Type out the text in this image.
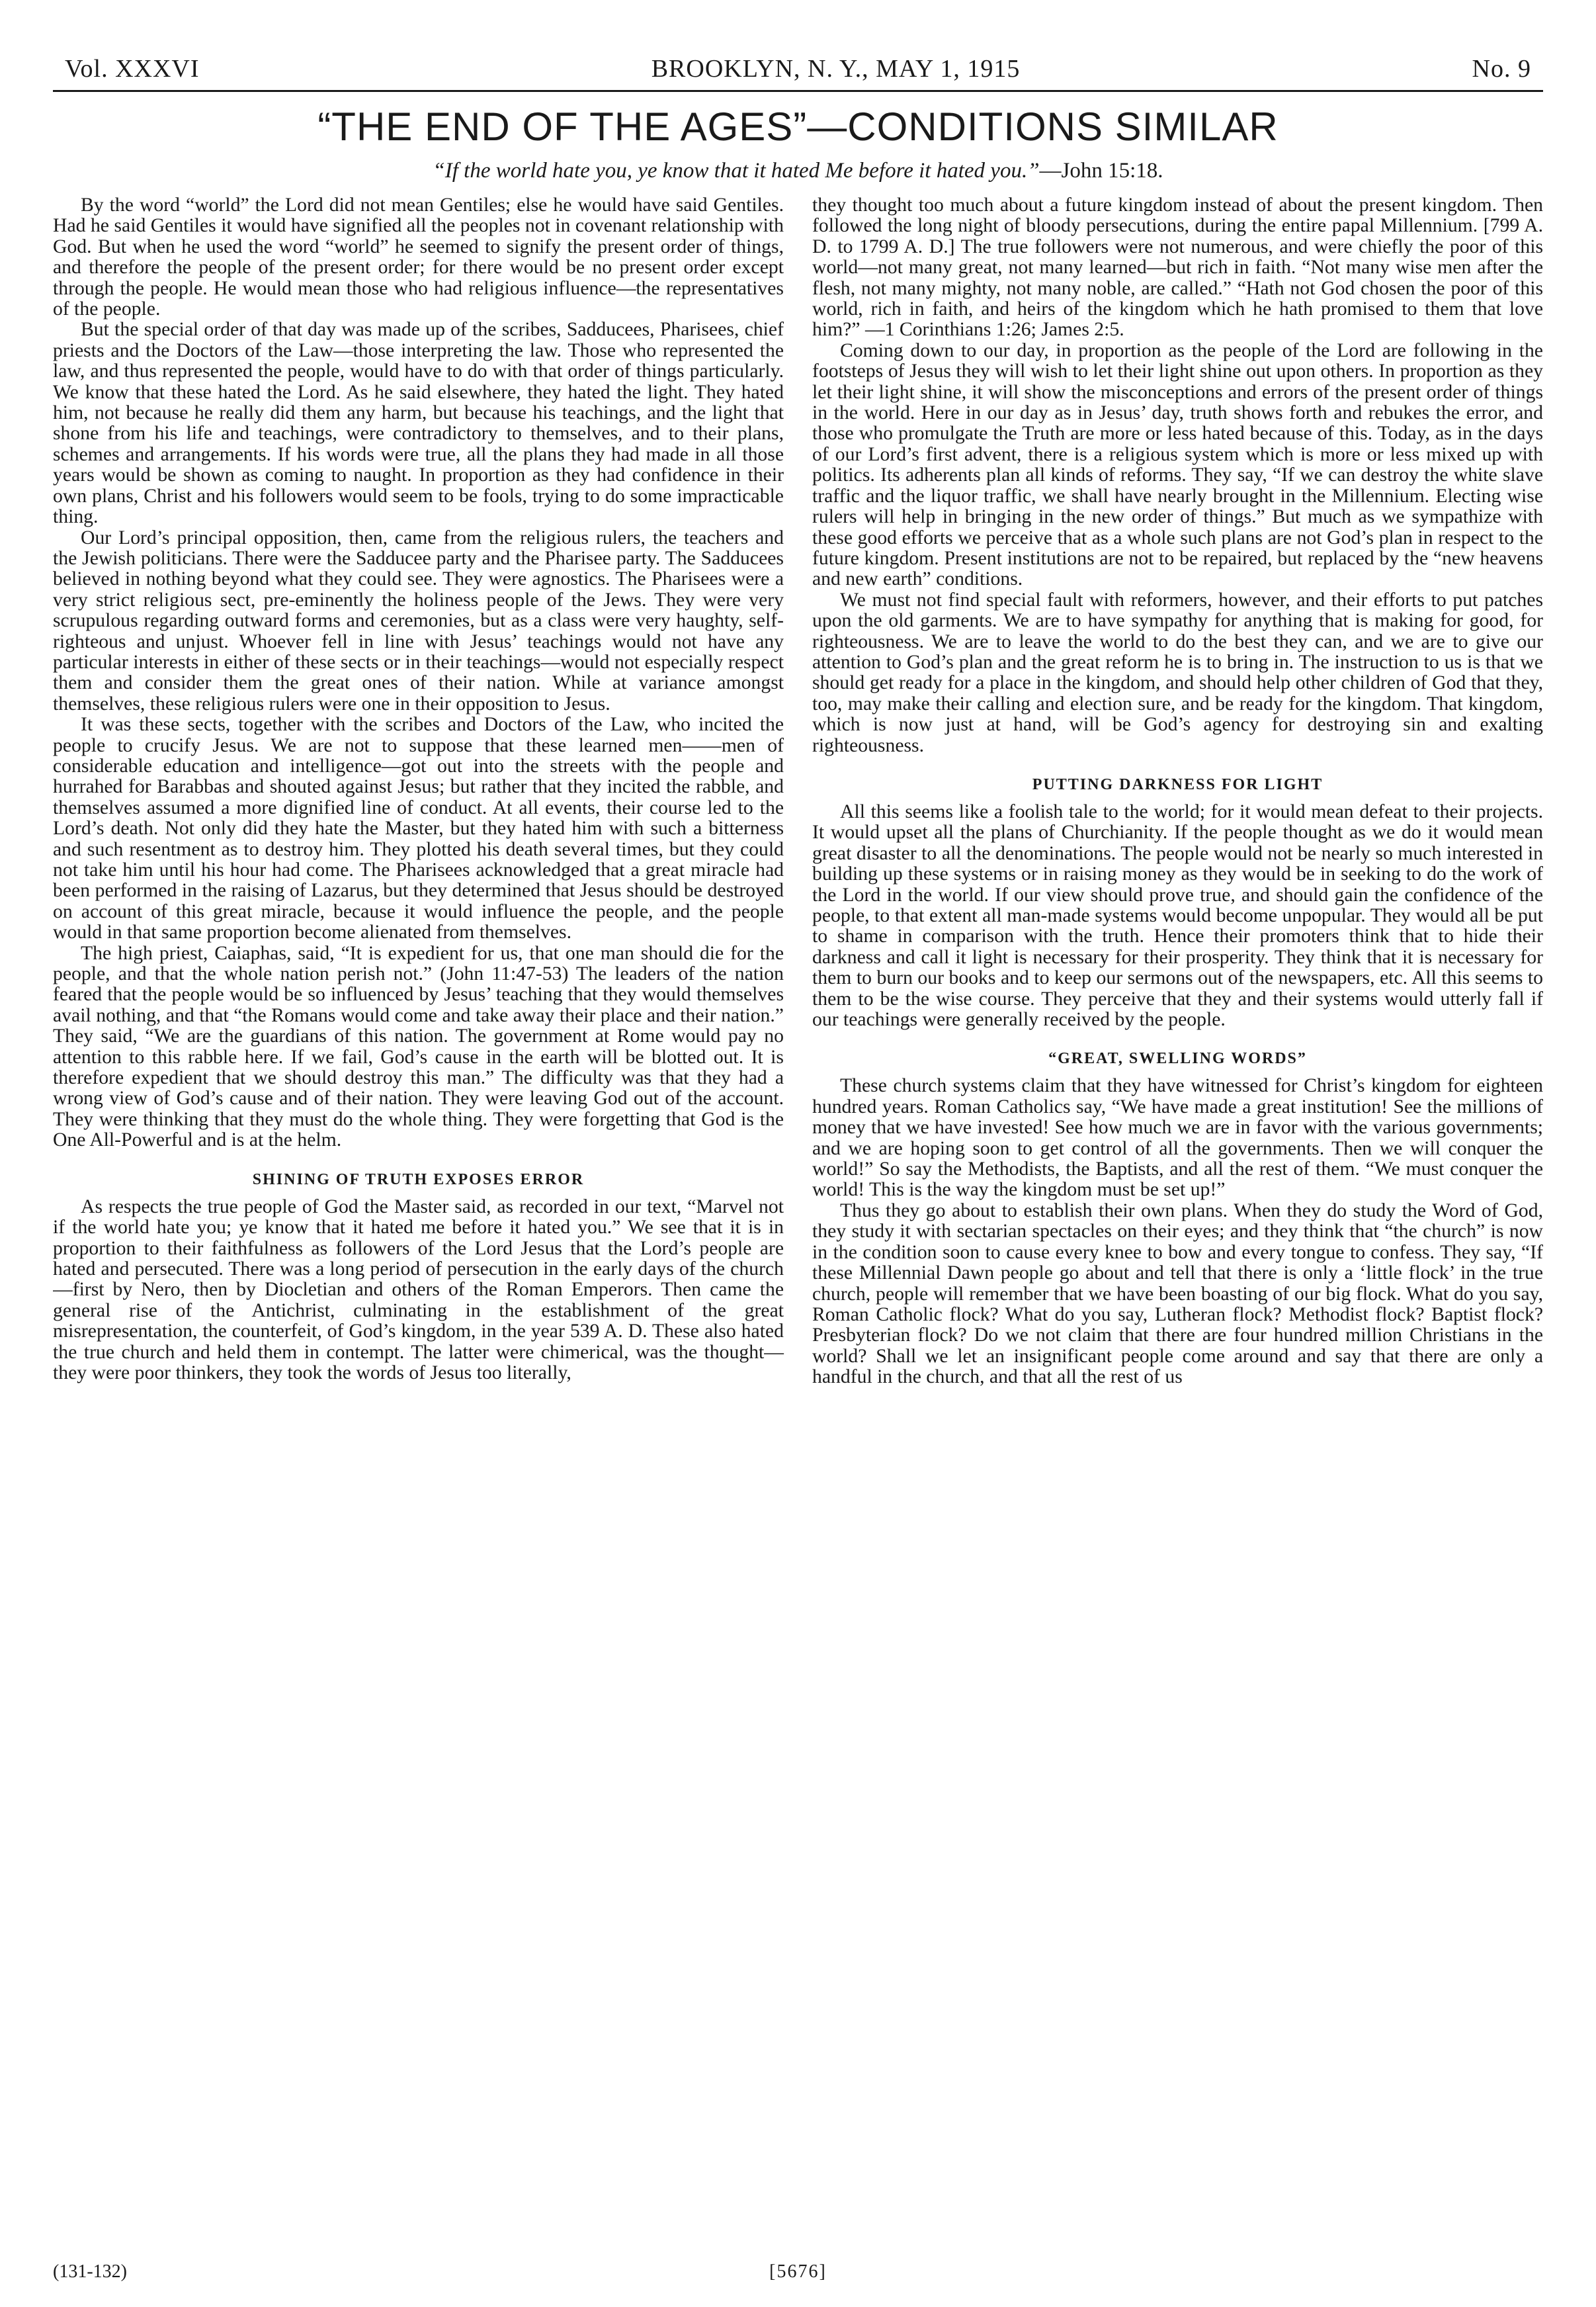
Vol. XXXVI	BROOKLYN, N. Y., MAY 1, 1915	No. 9
“THE END OF THE AGES”—CONDITIONS SIMILAR
“If the world hate you, ye know that it hated Me before it hated you.”—John 15:18.

By the word “world” the Lord did not mean Gentiles; else he would have said Gentiles. Had he said Gentiles it would have signified all the peoples not in covenant relationship with God. But when he used the word “world” he seemed to signify the present order of things, and therefore the people of the present order; for there would be no present order except through the people. He would mean those who had religious influence—the representatives of the people.

But the special order of that day was made up of the scribes, Sadducees, Pharisees, chief priests and the Doctors of the Law—those interpreting the law. Those who represented the law, and thus represented the people, would have to do with that order of things particularly. We know that these hated the Lord. As he said elsewhere, they hated the light. They hated him, not because he really did them any harm, but because his teachings, and the light that shone from his life and teachings, were contradictory to themselves, and to their plans, schemes and arrangements. If his words were true, all the plans they had made in all those years would be shown as coming to naught. In proportion as they had confidence in their own plans, Christ and his followers would seem to be fools, trying to do some impracticable thing.

Our Lord’s principal opposition, then, came from the religious rulers, the teachers and the Jewish politicians. There were the Sadducee party and the Pharisee party. The Sadducees believed in nothing beyond what they could see. They were agnostics. The Pharisees were a very strict religious sect, pre-eminently the holiness people of the Jews. They were very scrupulous regarding outward forms and ceremonies, but as a class were very haughty, self-righteous and unjust. Whoever fell in line with Jesus’ teachings would not have any particular interests in either of these sects or in their teachings—would not especially respect them and consider them the great ones of their nation. While at variance amongst themselves, these religious rulers were one in their opposition to Jesus.

It was these sects, together with the scribes and Doctors of the Law, who incited the people to crucify Jesus. We are not to suppose that these learned men——men of considerable education and intelligence—got out into the streets with the people and hurrahed for Barabbas and shouted against Jesus; but rather that they incited the rabble, and themselves assumed a more dignified line of conduct. At all events, their course led to the Lord’s death. Not only did they hate the Master, but they hated him with such a bitterness and such resentment as to destroy him. They plotted his death several times, but they could not take him until his hour had come. The Pharisees acknowledged that a great miracle had been performed in the raising of Lazarus, but they determined that Jesus should be destroyed on account of this great miracle, because it would influence the people, and the people would in that same proportion become alienated from themselves.

The high priest, Caiaphas, said, “It is expedient for us, that one man should die for the people, and that the whole nation perish not.” (John 11:47-53) The leaders of the nation feared that the people would be so influenced by Jesus’ teaching that they would themselves avail nothing, and that “the Romans would come and take away their place and their nation.” They said, “We are the guardians of this nation. The government at Rome would pay no attention to this rabble here. If we fail, God’s cause in the earth will be blotted out. It is therefore expedient that we should destroy this man.” The difficulty was that they had a wrong view of God’s cause and of their nation. They were leaving God out of the account. They were thinking that they must do the whole thing. They were forgetting that God is the One All-Powerful and is at the helm.

SHINING OF TRUTH EXPOSES ERROR

As respects the true people of God the Master said, as recorded in our text, “Marvel not if the world hate you; ye know that it hated me before it hated you.” We see that it is in proportion to their faithfulness as followers of the Lord Jesus that the Lord’s people are hated and persecuted. There was a long period of persecution in the early days of the church—first by Nero, then by Diocletian and others of the Roman Emperors. Then came the general rise of the Antichrist, culminating in the establishment of the great misrepresentation, the counterfeit, of God’s kingdom, in the year 539 A. D. These also hated the true church and held them in contempt. The latter were chimerical, was the thought—they were poor thinkers, they took the words of Jesus too literally,

they thought too much about a future kingdom instead of about the present kingdom. Then followed the long night of bloody persecutions, during the entire papal Millennium. [799 A. D. to 1799 A. D.] The true followers were not numerous, and were chiefly the poor of this world—not many great, not many learned—but rich in faith. “Not many wise men after the flesh, not many mighty, not many noble, are called.” “Hath not God chosen the poor of this world, rich in faith, and heirs of the kingdom which he hath promised to them that love him?” —1 Corinthians 1:26; James 2:5.

Coming down to our day, in proportion as the people of the Lord are following in the footsteps of Jesus they will wish to let their light shine out upon others. In proportion as they let their light shine, it will show the misconceptions and errors of the present order of things in the world. Here in our day as in Jesus’ day, truth shows forth and rebukes the error, and those who promulgate the Truth are more or less hated because of this. Today, as in the days of our Lord’s first advent, there is a religious system which is more or less mixed up with politics. Its adherents plan all kinds of reforms. They say, “If we can destroy the white slave traffic and the liquor traffic, we shall have nearly brought in the Millennium. Electing wise rulers will help in bringing in the new order of things.” But much as we sympathize with these good efforts we perceive that as a whole such plans are not God’s plan in respect to the future kingdom. Present institutions are not to be repaired, but replaced by the “new heavens and new earth” conditions.

We must not find special fault with reformers, however, and their efforts to put patches upon the old garments. We are to have sympathy for anything that is making for good, for righteousness. We are to leave the world to do the best they can, and we are to give our attention to God’s plan and the great reform he is to bring in. The instruction to us is that we should get ready for a place in the kingdom, and should help other children of God that they, too, may make their calling and election sure, and be ready for the kingdom. That kingdom, which is now just at hand, will be God’s agency for destroying sin and exalting righteousness.

PUTTING DARKNESS FOR LIGHT

All this seems like a foolish tale to the world; for it would mean defeat to their projects. It would upset all the plans of Churchianity. If the people thought as we do it would mean great disaster to all the denominations. The people would not be nearly so much interested in building up these systems or in raising money as they would be in seeking to do the work of the Lord in the world. If our view should prove true, and should gain the confidence of the people, to that extent all man-made systems would become unpopular. They would all be put to shame in comparison with the truth. Hence their promoters think that to hide their darkness and call it light is necessary for their prosperity. They think that it is necessary for them to burn our books and to keep our sermons out of the newspapers, etc. All this seems to them to be the wise course. They perceive that they and their systems would utterly fall if our teachings were generally received by the people.

“GREAT, SWELLING WORDS”

These church systems claim that they have witnessed for Christ’s kingdom for eighteen hundred years. Roman Catholics say, “We have made a great institution! See the millions of money that we have invested! See how much we are in favor with the various governments; and we are hoping soon to get control of all the governments. Then we will conquer the world!” So say the Methodists, the Baptists, and all the rest of them. “We must conquer the world! This is the way the kingdom must be set up!”

Thus they go about to establish their own plans. When they do study the Word of God, they study it with sectarian spectacles on their eyes; and they think that “the church” is now in the condition soon to cause every knee to bow and every tongue to confess. They say, “If these Millennial Dawn people go about and tell that there is only a ‘little flock’ in the true church, people will remember that we have been boasting of our big flock. What do you say, Roman Catholic flock? What do you say, Lutheran flock? Methodist flock? Baptist flock? Presbyterian flock? Do we not claim that there are four hundred million Christians in the world? Shall we let an insignificant people come around and say that there are only a handful in the church, and that all the rest of us

(131-132)	[5676]
